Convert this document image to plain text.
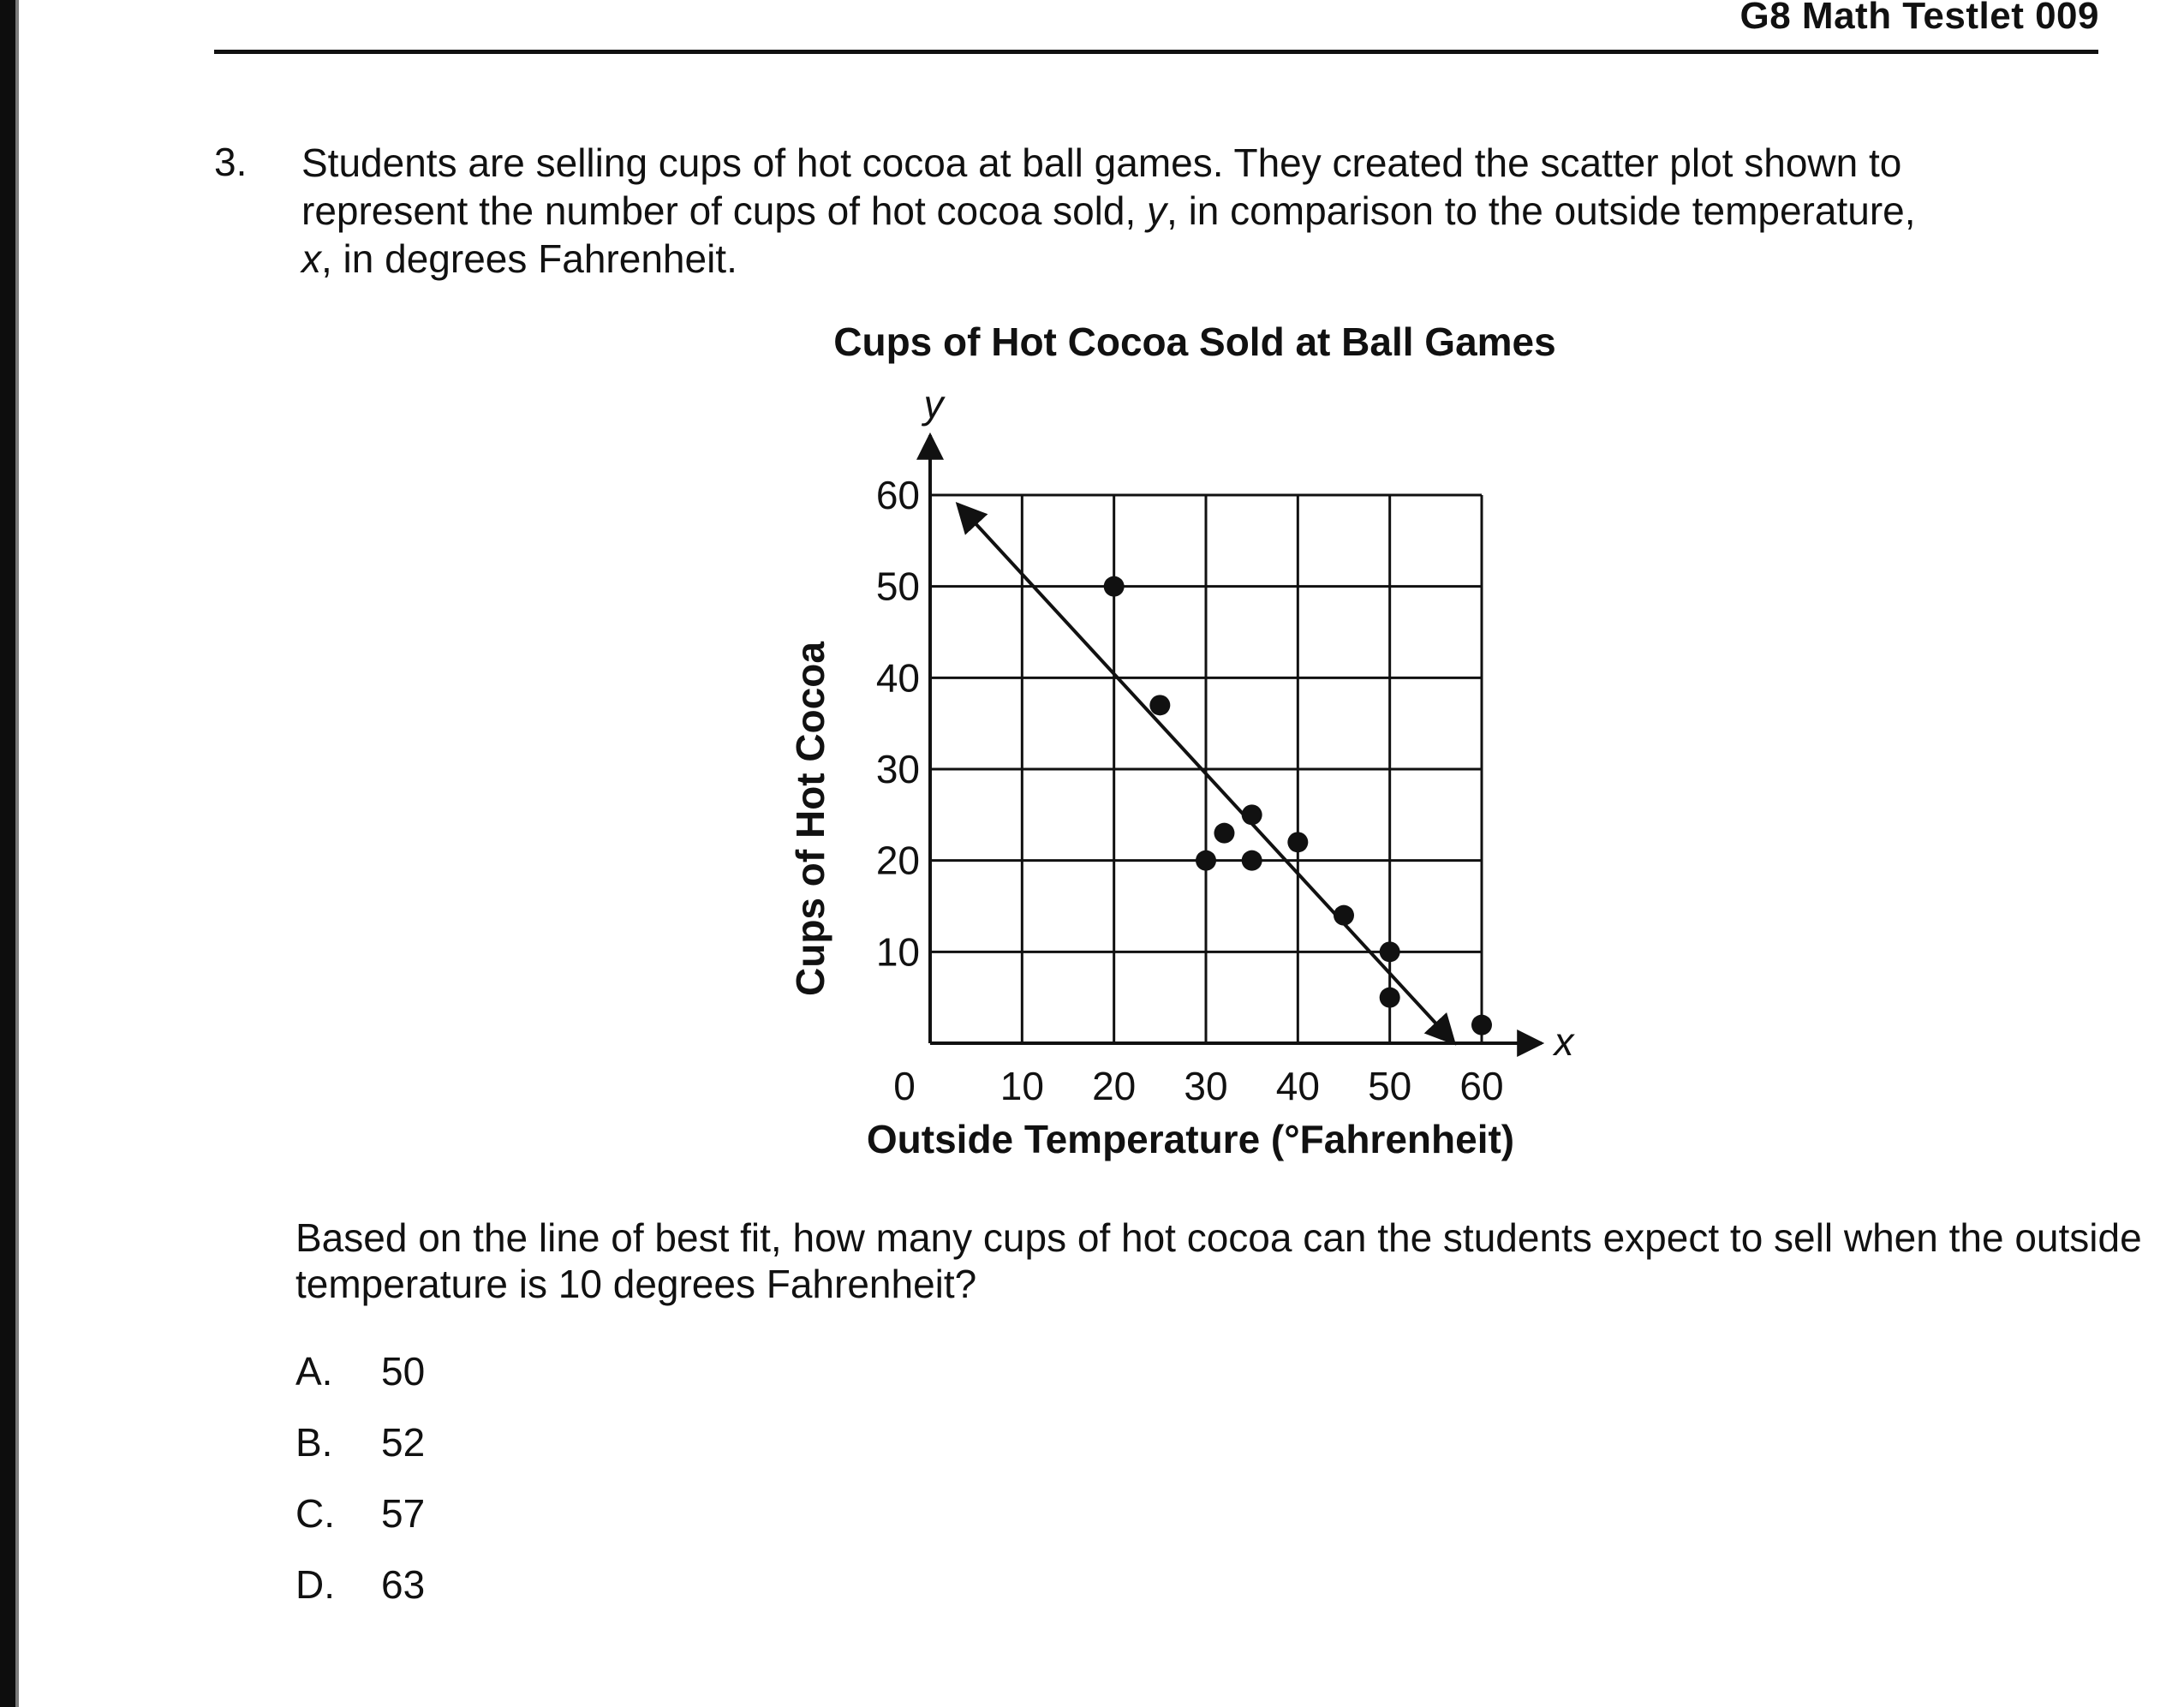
G8 Math Testlet 009
3. Students are selling cups of hot cocoa at ball games. They created the scatter plot shown to
represent the number of cups of hot cocoa sold, y, in comparison to the outside temperature,
x, in degrees Fahrenheit.
Cups of Hot Cocoa Sold at Ball Games
y
x
10
20
30
40
50
60
10 20 30 40 50 60
0
Outside Temperature (°Fahrenheit)
Cups of Hot Cocoa
Based on the line of best fit, how many cups of hot cocoa can the students expect to sell when the outside temperature is 10 degrees Fahrenheit?
A. 50
B. 52
C. 57
D. 63
